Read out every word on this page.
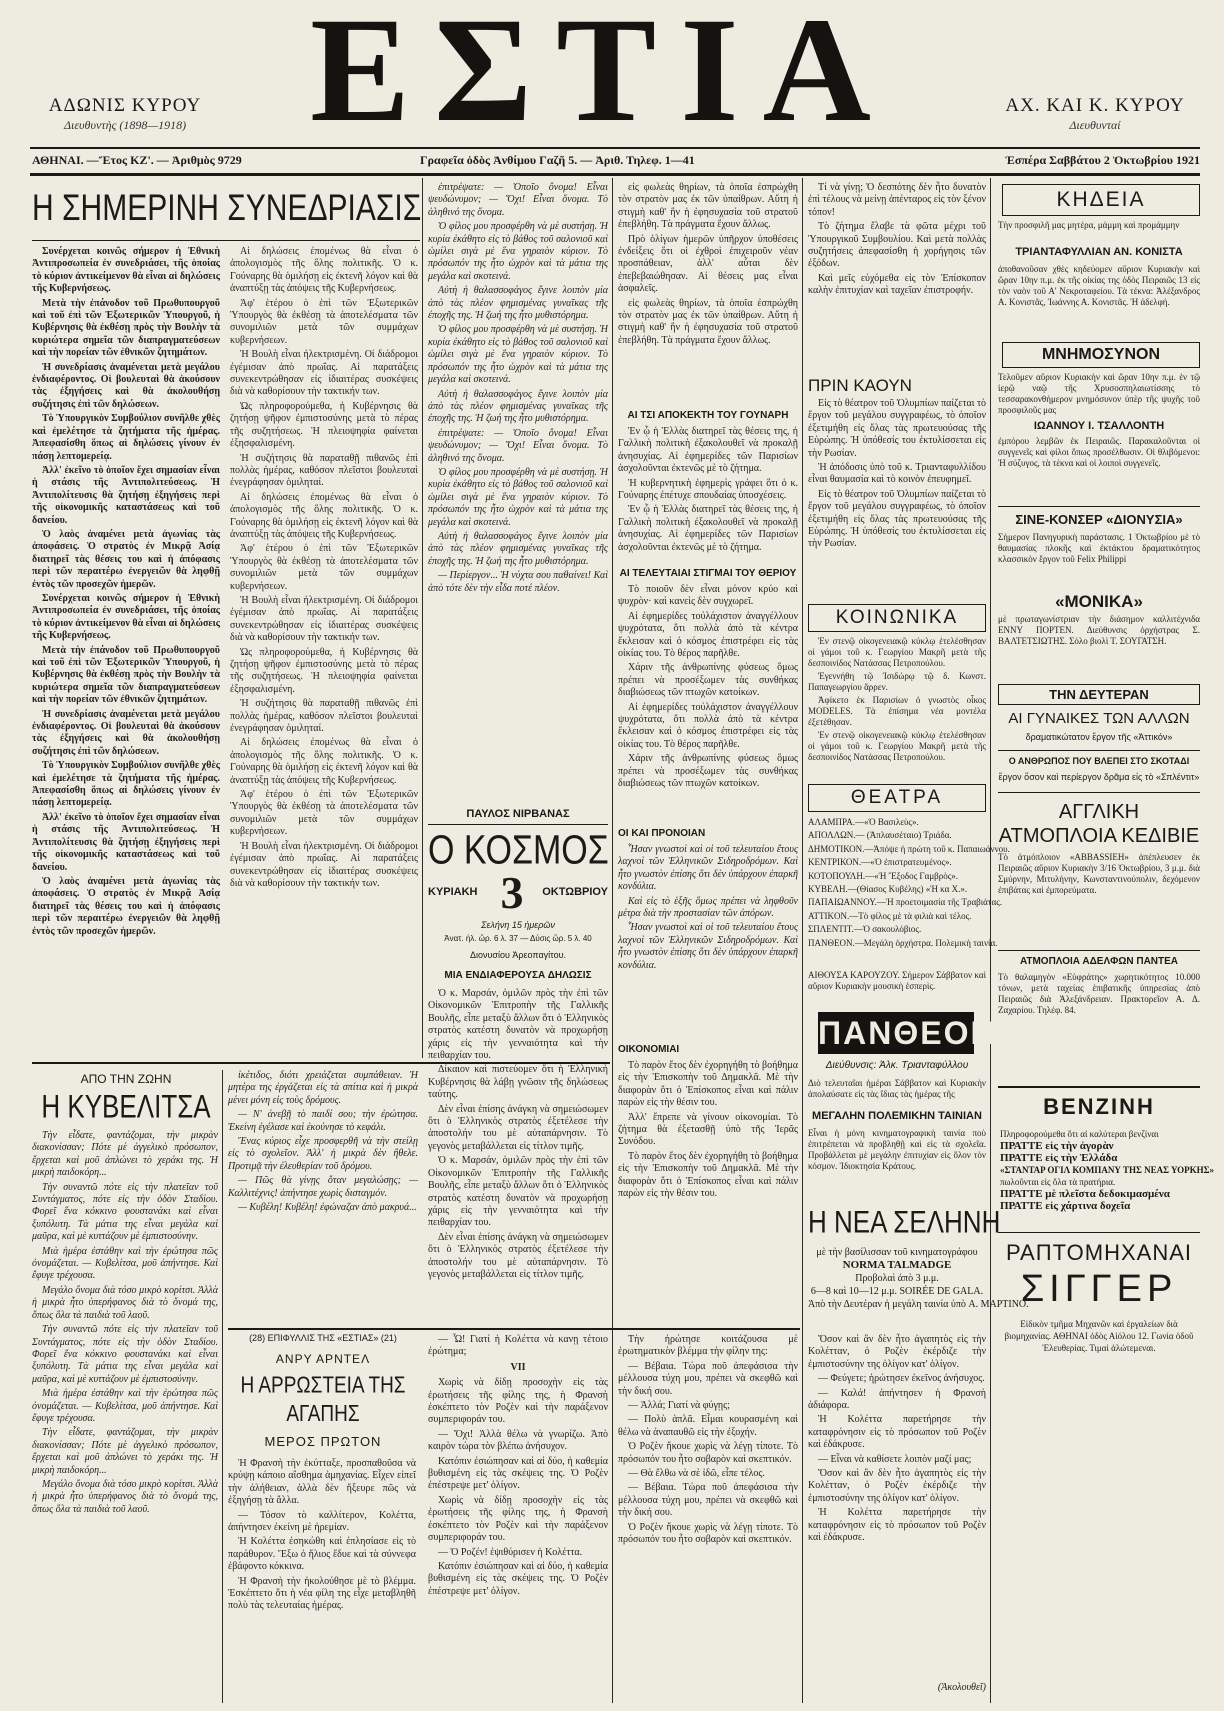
ΑΔΩΝΙΣ ΚΥΡΟΥ
Διευθυντὴς (1898—1918) ΕΣΤΙΑ	ΑΧ. ΚΑΙ Κ. ΚΥΡΟΥ
Διευθυνταί
ΑΘΗΝΑΙ. —Ἔτος ΚΖ'. — Ἀριθμὸς 9729	Γραφεῖα ὁδὸς Ἀνθίμου Γαζῆ 5. — Ἀριθ. Τηλεφ. 1—41	Ἑσπέρα Σαββάτου 2 Ὀκτωβρίου 1921
Η ΣΗΜΕΡΙΝΗ ΣΥΝΕΔΡΙΑΣΙΣ

Συνέρχεται κοινῶς σήμερον ἡ Ἐθνικὴ Ἀντιπροσωπεία ἐν συνεδριάσει, τῆς ὁποίας τὸ κύριον ἀντικείμενον θὰ εἶναι αἱ δηλώσεις τῆς Κυβερνήσεως.

Μετὰ τὴν ἐπάνοδον τοῦ Πρωθυπουργοῦ καὶ τοῦ ἐπὶ τῶν Ἐξωτερικῶν Ὑπουργοῦ, ἡ Κυβέρνησις θὰ ἐκθέσῃ πρὸς τὴν Βουλὴν τὰ κυριώτερα σημεῖα τῶν διαπραγματεύσεων καὶ τὴν πορείαν τῶν ἐθνικῶν ζητημάτων.

Ἡ συνεδρίασις ἀναμένεται μετὰ μεγάλου ἐνδιαφέροντος. Οἱ βουλευταὶ θὰ ἀκούσουν τὰς ἐξηγήσεις καὶ θὰ ἀκολουθήσῃ συζήτησις ἐπὶ τῶν δηλώσεων.

Τὸ Ὑπουργικὸν Συμβούλιον συνῆλθε χθὲς καὶ ἐμελέτησε τὰ ζητήματα τῆς ἡμέρας. Ἀπεφασίσθη ὅπως αἱ δηλώσεις γίνουν ἐν πάσῃ λεπτομερείᾳ.

Ἀλλ' ἐκεῖνο τὸ ὁποῖον ἔχει σημασίαν εἶναι ἡ στάσις τῆς Ἀντιπολιτεύσεως. Ἡ Ἀντιπολίτευσις θὰ ζητήσῃ ἐξηγήσεις περὶ τῆς οἰκονομικῆς καταστάσεως καὶ τοῦ δανείου.

Ὁ λαὸς ἀναμένει μετὰ ἀγωνίας τὰς ἀποφάσεις. Ὁ στρατὸς ἐν Μικρᾷ Ἀσίᾳ διατηρεῖ τὰς θέσεις του καὶ ἡ ἀπόφασις περὶ τῶν περαιτέρω ἐνεργειῶν θὰ ληφθῇ ἐντὸς τῶν προσεχῶν ἡμερῶν.

Συνέρχεται κοινῶς σήμερον ἡ Ἐθνικὴ Ἀντιπροσωπεία ἐν συνεδριάσει, τῆς ὁποίας τὸ κύριον ἀντικείμενον θὰ εἶναι αἱ δηλώσεις τῆς Κυβερνήσεως.

Μετὰ τὴν ἐπάνοδον τοῦ Πρωθυπουργοῦ καὶ τοῦ ἐπὶ τῶν Ἐξωτερικῶν Ὑπουργοῦ, ἡ Κυβέρνησις θὰ ἐκθέσῃ πρὸς τὴν Βουλὴν τὰ κυριώτερα σημεῖα τῶν διαπραγματεύσεων καὶ τὴν πορείαν τῶν ἐθνικῶν ζητημάτων.

Ἡ συνεδρίασις ἀναμένεται μετὰ μεγάλου ἐνδιαφέροντος. Οἱ βουλευταὶ θὰ ἀκούσουν τὰς ἐξηγήσεις καὶ θὰ ἀκολουθήσῃ συζήτησις ἐπὶ τῶν δηλώσεων.

Τὸ Ὑπουργικὸν Συμβούλιον συνῆλθε χθὲς καὶ ἐμελέτησε τὰ ζητήματα τῆς ἡμέρας. Ἀπεφασίσθη ὅπως αἱ δηλώσεις γίνουν ἐν πάσῃ λεπτομερείᾳ.

Ἀλλ' ἐκεῖνο τὸ ὁποῖον ἔχει σημασίαν εἶναι ἡ στάσις τῆς Ἀντιπολιτεύσεως. Ἡ Ἀντιπολίτευσις θὰ ζητήσῃ ἐξηγήσεις περὶ τῆς οἰκονομικῆς καταστάσεως καὶ τοῦ δανείου.

Ὁ λαὸς ἀναμένει μετὰ ἀγωνίας τὰς ἀποφάσεις. Ὁ στρατὸς ἐν Μικρᾷ Ἀσίᾳ διατηρεῖ τὰς θέσεις του καὶ ἡ ἀπόφασις περὶ τῶν περαιτέρω ἐνεργειῶν θὰ ληφθῇ ἐντὸς τῶν προσεχῶν ἡμερῶν.

Αἱ δηλώσεις ἐπομένως θὰ εἶναι ὁ ἀπολογισμὸς τῆς ὅλης πολιτικῆς. Ὁ κ. Γούναρης θὰ ὁμιλήσῃ εἰς ἐκτενῆ λόγον καὶ θὰ ἀναπτύξῃ τὰς ἀπόψεις τῆς Κυβερνήσεως.

Ἀφ' ἑτέρου ὁ ἐπὶ τῶν Ἐξωτερικῶν Ὑπουργὸς θὰ ἐκθέσῃ τὰ ἀποτελέσματα τῶν συνομιλιῶν μετὰ τῶν συμμάχων κυβερνήσεων.

Ἡ Βουλὴ εἶναι ἠλεκτρισμένη. Οἱ διάδρομοι ἐγέμισαν ἀπὸ πρωΐας. Αἱ παρατάξεις συνεκεντρώθησαν εἰς ἰδιαιτέρας συσκέψεις διὰ νὰ καθορίσουν τὴν τακτικήν των.

Ὡς πληροφορούμεθα, ἡ Κυβέρνησις θὰ ζητήσῃ ψῆφον ἐμπιστοσύνης μετὰ τὸ πέρας τῆς συζητήσεως. Ἡ πλειοψηφία φαίνεται ἐξησφαλισμένη.

Ἡ συζήτησις θὰ παραταθῇ πιθανῶς ἐπὶ πολλὰς ἡμέρας, καθόσον πλεῖστοι βουλευταὶ ἐνεγράφησαν ὁμιληταί.

Αἱ δηλώσεις ἐπομένως θὰ εἶναι ὁ ἀπολογισμὸς τῆς ὅλης πολιτικῆς. Ὁ κ. Γούναρης θὰ ὁμιλήσῃ εἰς ἐκτενῆ λόγον καὶ θὰ ἀναπτύξῃ τὰς ἀπόψεις τῆς Κυβερνήσεως.

Ἀφ' ἑτέρου ὁ ἐπὶ τῶν Ἐξωτερικῶν Ὑπουργὸς θὰ ἐκθέσῃ τὰ ἀποτελέσματα τῶν συνομιλιῶν μετὰ τῶν συμμάχων κυβερνήσεων.

Ἡ Βουλὴ εἶναι ἠλεκτρισμένη. Οἱ διάδρομοι ἐγέμισαν ἀπὸ πρωΐας. Αἱ παρατάξεις συνεκεντρώθησαν εἰς ἰδιαιτέρας συσκέψεις διὰ νὰ καθορίσουν τὴν τακτικήν των.

Ὡς πληροφορούμεθα, ἡ Κυβέρνησις θὰ ζητήσῃ ψῆφον ἐμπιστοσύνης μετὰ τὸ πέρας τῆς συζητήσεως. Ἡ πλειοψηφία φαίνεται ἐξησφαλισμένη.

Ἡ συζήτησις θὰ παραταθῇ πιθανῶς ἐπὶ πολλὰς ἡμέρας, καθόσον πλεῖστοι βουλευταὶ ἐνεγράφησαν ὁμιληταί.

Αἱ δηλώσεις ἐπομένως θὰ εἶναι ὁ ἀπολογισμὸς τῆς ὅλης πολιτικῆς. Ὁ κ. Γούναρης θὰ ὁμιλήσῃ εἰς ἐκτενῆ λόγον καὶ θὰ ἀναπτύξῃ τὰς ἀπόψεις τῆς Κυβερνήσεως.

Ἀφ' ἑτέρου ὁ ἐπὶ τῶν Ἐξωτερικῶν Ὑπουργὸς θὰ ἐκθέσῃ τὰ ἀποτελέσματα τῶν συνομιλιῶν μετὰ τῶν συμμάχων κυβερνήσεων.

Ἡ Βουλὴ εἶναι ἠλεκτρισμένη. Οἱ διάδρομοι ἐγέμισαν ἀπὸ πρωΐας. Αἱ παρατάξεις συνεκεντρώθησαν εἰς ἰδιαιτέρας συσκέψεις διὰ νὰ καθορίσουν τὴν τακτικήν των.

ἐπιτρέψατε: — Ὁποῖο ὄνομα! Εἶναι ψευδώνυμον; — Ὄχι! Εἶναι ὄνομα. Τὸ ἀληθινό της ὄνομα.

Ὁ φίλος μου προσφέρθη νὰ μὲ συστήσῃ. Ἡ κυρία ἐκάθητο εἰς τὸ βάθος τοῦ σαλονιοῦ καὶ ὡμίλει σιγὰ μὲ ἕνα γηραιὸν κύριον. Τὸ πρόσωπόν της ἦτο ὠχρὸν καὶ τὰ μάτια της μεγάλα καὶ σκοτεινά.

Αὐτὴ ἡ θαλασσοφάγος ἔγινε λοιπὸν μία ἀπὸ τὰς πλέον φημισμένας γυναῖκας τῆς ἐποχῆς της. Ἡ ζωή της ἦτο μυθιστόρημα.

Ὁ φίλος μου προσφέρθη νὰ μὲ συστήσῃ. Ἡ κυρία ἐκάθητο εἰς τὸ βάθος τοῦ σαλονιοῦ καὶ ὡμίλει σιγὰ μὲ ἕνα γηραιὸν κύριον. Τὸ πρόσωπόν της ἦτο ὠχρὸν καὶ τὰ μάτια της μεγάλα καὶ σκοτεινά.

Αὐτὴ ἡ θαλασσοφάγος ἔγινε λοιπὸν μία ἀπὸ τὰς πλέον φημισμένας γυναῖκας τῆς ἐποχῆς της. Ἡ ζωή της ἦτο μυθιστόρημα.

ἐπιτρέψατε: — Ὁποῖο ὄνομα! Εἶναι ψευδώνυμον; — Ὄχι! Εἶναι ὄνομα. Τὸ ἀληθινό της ὄνομα.

Ὁ φίλος μου προσφέρθη νὰ μὲ συστήσῃ. Ἡ κυρία ἐκάθητο εἰς τὸ βάθος τοῦ σαλονιοῦ καὶ ὡμίλει σιγὰ μὲ ἕνα γηραιὸν κύριον. Τὸ πρόσωπόν της ἦτο ὠχρὸν καὶ τὰ μάτια της μεγάλα καὶ σκοτεινά.

Αὐτὴ ἡ θαλασσοφάγος ἔγινε λοιπὸν μία ἀπὸ τὰς πλέον φημισμένας γυναῖκας τῆς ἐποχῆς της. Ἡ ζωή της ἦτο μυθιστόρημα.

— Περίεργον... Ἡ νύχτα σου παθαίνει! Καὶ ἀπὸ τότε δὲν τὴν εἶδα ποτέ πλέον.

ΠΑΥΛΟΣ ΝΙΡΒΑΝΑΣ
Ο ΚΟΣΜΟΣ
ΚΥΡΙΑΚΗ 3	ΟΚΤΩΒΡΙΟΥ
Σελήνη 15 ἡμερῶν
Ἀνατ. ἡλ. ὥρ. 6 λ. 37 — Δύσις ὥρ. 5 λ. 40
Διονυσίου Ἀρεοπαγίτου.
ΜΙΑ ΕΝΔΙΑΦΕΡΟΥΣΑ ΔΗΛΩΣΙΣ

Ὁ κ. Μαρσάν, ὁμιλῶν πρὸς τὴν ἐπὶ τῶν Οἰκονομικῶν Ἐπιτροπὴν τῆς Γαλλικῆς Βουλῆς, εἶπε μεταξὺ ἄλλων ὅτι ὁ Ἑλληνικὸς στρατὸς κατέστη δυνατὸν νὰ προχωρήσῃ χάρις εἰς τὴν γενναιότητα καὶ τὴν πειθαρχίαν του.

Δίκαιον καὶ πιστεύομεν ὅτι ἡ Ἑλληνικὴ Κυβέρνησις θὰ λάβῃ γνῶσιν τῆς δηλώσεως ταύτης.

Δὲν εἶναι ἐπίσης ἀνάγκη νὰ σημειώσωμεν ὅτι ὁ Ἑλληνικὸς στρατὸς ἐξετέλεσε τὴν ἀποστολήν του μὲ αὐταπάρνησιν. Τὸ γεγονὸς μεταβάλλεται εἰς τίτλον τιμῆς.

Ὁ κ. Μαρσάν, ὁμιλῶν πρὸς τὴν ἐπὶ τῶν Οἰκονομικῶν Ἐπιτροπὴν τῆς Γαλλικῆς Βουλῆς, εἶπε μεταξὺ ἄλλων ὅτι ὁ Ἑλληνικὸς στρατὸς κατέστη δυνατὸν νὰ προχωρήσῃ χάρις εἰς τὴν γενναιότητα καὶ τὴν πειθαρχίαν του.

Δὲν εἶναι ἐπίσης ἀνάγκη νὰ σημειώσωμεν ὅτι ὁ Ἑλληνικὸς στρατὸς ἐξετέλεσε τὴν ἀποστολήν του μὲ αὐταπάρνησιν. Τὸ γεγονὸς μεταβάλλεται εἰς τίτλον τιμῆς.

εἰς φωλεὰς θηρίων, τὰ ὁποῖα ἐσπρώχθη τὸν στρατὸν μας ἐκ τῶν ὑπαίθρων. Αὕτη ἡ στιγμὴ καθ' ἣν ἡ ἐφησυχασία τοῦ στρατοῦ ἐπεβλήθη. Τὰ πράγματα ἔχουν ἄλλως.

Πρὸ ὀλίγων ἡμερῶν ὑπῆρχον ὑποθέσεις ἐνδείξεις ὅτι οἱ ἐχθροὶ ἐπιχειροῦν νέαν προσπάθειαν, ἀλλ' αὗται δὲν ἐπεβεβαιώθησαν. Αἱ θέσεις μας εἶναι ἀσφαλεῖς.

εἰς φωλεὰς θηρίων, τὰ ὁποῖα ἐσπρώχθη τὸν στρατὸν μας ἐκ τῶν ὑπαίθρων. Αὕτη ἡ στιγμὴ καθ' ἣν ἡ ἐφησυχασία τοῦ στρατοῦ ἐπεβλήθη. Τὰ πράγματα ἔχουν ἄλλως.

ΑΙ ΤΣΙ ΑΠΟΚΕΚΤΗ ΤΟΥ ΓΟΥΝΑΡΗ

Ἐν ᾧ ἡ Ἑλλὰς διατηρεῖ τὰς θέσεις της, ἡ Γαλλικὴ πολιτικὴ ἐξακολουθεῖ νὰ προκαλῇ ἀνησυχίας. Αἱ ἐφημερίδες τῶν Παρισίων ἀσχολοῦνται ἐκτενῶς μὲ τὸ ζήτημα.

Ἡ κυβερνητικὴ ἐφημερὶς γράφει ὅτι ὁ κ. Γούναρης ἐπέτυχε σπουδαίας ὑποσχέσεις.

Ἐν ᾧ ἡ Ἑλλὰς διατηρεῖ τὰς θέσεις της, ἡ Γαλλικὴ πολιτικὴ ἐξακολουθεῖ νὰ προκαλῇ ἀνησυχίας. Αἱ ἐφημερίδες τῶν Παρισίων ἀσχολοῦνται ἐκτενῶς μὲ τὸ ζήτημα.

ΑΙ ΤΕΛΕΥΤΑΙΑΙ ΣΤΙΓΜΑΙ ΤΟΥ ΘΕΡΙΟΥ

Τὸ ποιοῦν δὲν εἶναι μόνον κρύο καὶ ψυχρὸν· καὶ κανεὶς δὲν συγχωρεῖ.

Αἱ ἐφημερίδες τούλάχιστον ἀναγγέλλουν ψυχρότατα, ὅτι πολλὰ ἀπὸ τὰ κέντρα ἔκλεισαν καὶ ὁ κόσμος ἐπιστρέφει εἰς τὰς οἰκίας του. Τὸ θέρος παρῆλθε.

Χάριν τῆς ἀνθρωπίνης φύσεως ὅμως πρέπει νὰ προσέξωμεν τὰς συνθήκας διαβιώσεως τῶν πτωχῶν κατοίκων.

Αἱ ἐφημερίδες τούλάχιστον ἀναγγέλλουν ψυχρότατα, ὅτι πολλὰ ἀπὸ τὰ κέντρα ἔκλεισαν καὶ ὁ κόσμος ἐπιστρέφει εἰς τὰς οἰκίας του. Τὸ θέρος παρῆλθε.

Χάριν τῆς ἀνθρωπίνης φύσεως ὅμως πρέπει νὰ προσέξωμεν τὰς συνθήκας διαβιώσεως τῶν πτωχῶν κατοίκων.

ΟΙ ΚΑΙ ΠΡΟΝΟΙΑΝ

Ἦσαν γνωστοὶ καὶ οἱ τοῦ τελευταίου ἔτους λαχνοὶ τῶν Ἑλληνικῶν Σιδηροδρόμων. Καὶ ἦτο γνωστὸν ἐπίσης ὅτι δὲν ὑπάρχουν ἐπαρκῆ κονδύλια.

Καὶ εἰς τὸ ἑξῆς ὅμως πρέπει νὰ ληφθοῦν μέτρα διὰ τὴν προστασίαν τῶν ἀπόρων.

Ἦσαν γνωστοὶ καὶ οἱ τοῦ τελευταίου ἔτους λαχνοὶ τῶν Ἑλληνικῶν Σιδηροδρόμων. Καὶ ἦτο γνωστὸν ἐπίσης ὅτι δὲν ὑπάρχουν ἐπαρκῆ κονδύλια.

ΟΙΚΟΝΟΜΙΑΙ

Τὸ παρὸν ἔτος δὲν ἐχορηγήθη τὸ βοήθημα εἰς τὴν Ἐπισκοπὴν τοῦ Δημακλᾶ. Μὲ τὴν διαφορὰν ὅτι ὁ Ἐπίσκοπος εἶναι καὶ πάλιν παρὼν εἰς τὴν θέσιν του.

Ἀλλ' ἔπρεπε νὰ γίνουν οἰκονομίαι. Τὸ ζήτημα θὰ ἐξετασθῇ ὑπὸ τῆς Ἱερᾶς Συνόδου.

Τὸ παρὸν ἔτος δὲν ἐχορηγήθη τὸ βοήθημα εἰς τὴν Ἐπισκοπὴν τοῦ Δημακλᾶ. Μὲ τὴν διαφορὰν ὅτι ὁ Ἐπίσκοπος εἶναι καὶ πάλιν παρὼν εἰς τὴν θέσιν του.

Τί νὰ γίνῃ; Ὁ δεσπότης δὲν ἦτο δυνατὸν ἐπὶ τέλους νὰ μείνῃ ἀπένταρος εἰς τὸν ξένον τόπον!

Τὸ ζήτημα ἔλαβε τὰ φῶτα μέχρι τοῦ Ὑπουργικοῦ Συμβουλίου. Καὶ μετὰ πολλὰς συζητήσεις ἀπεφασίσθη ἡ χορήγησις τῶν ἐξόδων.

Καὶ μεῖς εὐχόμεθα εἰς τὸν Ἐπίσκοπον καλὴν ἐπιτυχίαν καὶ ταχεῖαν ἐπιστροφήν.

ΠΡΙΝ ΚΑΟΥΝ

Εἰς τὸ θέατρον τοῦ Ὀλυμπίων παίζεται τὸ ἔργον τοῦ μεγάλου συγγραφέως, τὸ ὁποῖον ἐξετιμήθη εἰς ὅλας τὰς πρωτευούσας τῆς Εὐρώπης. Ἡ ὑπόθεσίς του ἐκτυλίσσεται εἰς τὴν Ρωσίαν.

Ἡ ἀπόδοσις ὑπὸ τοῦ κ. Τριανταφυλλίδου εἶναι θαυμασία καὶ τὸ κοινὸν ἐπευφημεῖ.

Εἰς τὸ θέατρον τοῦ Ὀλυμπίων παίζεται τὸ ἔργον τοῦ μεγάλου συγγραφέως, τὸ ὁποῖον ἐξετιμήθη εἰς ὅλας τὰς πρωτευούσας τῆς Εὐρώπης. Ἡ ὑπόθεσίς του ἐκτυλίσσεται εἰς τὴν Ρωσίαν.

ΚΟΙΝΩΝΙΚΑ

Ἐν στενῷ οἰκογενειακῷ κύκλῳ ἐτελέσθησαν οἱ γάμοι τοῦ κ. Γεωργίου Μακρῆ μετὰ τῆς δεσποινίδος Νατάσσας Πετροπούλου.

Ἐγεννήθη τῷ Ἰσιδώρῳ τῷ δ. Κωνστ. Παπαγεωργίου ἄρρεν.

Ἀφίκετο ἐκ Παρισίων ὁ γνωστὸς οἶκος MODELES. Τὰ ἐπίσημα νέα μοντέλα ἐξετέθησαν.

Ἐν στενῷ οἰκογενειακῷ κύκλῳ ἐτελέσθησαν οἱ γάμοι τοῦ κ. Γεωργίου Μακρῆ μετὰ τῆς δεσποινίδος Νατάσσας Πετροπούλου.

ΘΕΑΤΡΑ
ΑΛΑΜΠΡΑ.—«Ὁ Βασιλεὺς».
ΑΠΟΛΛΩΝ.— (Ἀπλαυσέταιο) Τριάδα.
ΔΗΜΟΤΙΚΟΝ.—Ἀπόψε ἡ πρώτη τοῦ κ. Παπαιωάννου.
ΚΕΝΤΡΙΚΟΝ.—«Ὁ ἐπιστρατευμένος».
ΚΟΤΟΠΟΥΛΗ.—«Ἡ Ἔξοδος Γαμβρὸς».
ΚΥΒΕΛΗ.—(Θίασος Κυβέλης) «Ἡ κα Χ.».
ΠΑΠΑΙΩΑΝΝΟΥ.—Ἡ προετοιμασία τῆς Τραβιάτας.
ATTIKON.—Τὸ φίλος μὲ τὰ φιλιὰ καὶ τέλος.
ΣΠΛΕΝΤΙΤ.—Ὁ σακουλόβιος.
ΠΑΝΘΕΟΝ.—Μεγάλη ὀρχήστρα. Πολεμικὴ ταινία.
ΑΙΘΟΥΣΑ ΚΑΡΟΥΖΟΥ. Σήμερον Σάββατον καὶ αὔριον Κυριακὴν μουσικὴ ἑσπερὶς.
ΠΑΝΘΕΟΝ
Διεύθυνσις: Ἀλκ. Τριανταφύλλου
Διὸ τελευταῖαι ἡμέραι Σάββατον καὶ Κυριακὴν ἀπολαύσατε εἰς τὰς ἴδιας τὰς ἡμέρας τῆς
ΜΕΓΑΛΗΝ ΠΟΛΕΜΙΚΗΝ ΤΑΙΝΙΑΝ
Εἶναι ἡ μόνη κινηματογραφικὴ ταινία ποὺ ἐπιτρέπεται νὰ προβληθῇ καὶ εἰς τὰ σχολεῖα. Προβάλλεται μὲ μεγάλην ἐπιτυχίαν εἰς ὅλον τὸν κόσμον. Ἰδιοκτησία Κράτους.
Η ΝΕΑ ΣΕΛΗΝΗ
μὲ τὴν βασίλισσαν τοῦ κινηματογράφου
NORMA TALMADGE
Προβολαὶ ἀπὸ 3 μ.μ.
6—8 καὶ 10—12 μ.μ. SOIRÉE DE GALA.
Ἀπὸ τὴν Δευτέραν ἡ μεγάλη ταινία ὑπὸ A. ΜΑΡΤΙΝΟ.
ΚΗΔΕΙΑ
Τὴν προσφιλῆ μας μητέρα, μάμμη καὶ προμάμμην
ΤΡΙΑΝΤΑΦΥΛΛΙΑΝ ΑΝ. ΚΟΝΙΣΤΑ
ἀποθανοῦσαν χθὲς κηδεύομεν αὔριον Κυριακὴν καὶ ὥραν 10ην π.μ. ἐκ τῆς οἰκίας της ὁδὸς Πειραιῶς 13 εἰς τὸν ναὸν τοῦ Α' Νεκροταφείου. Τὰ τέκνα: Ἀλέξανδρος Α. Κονιστᾶς, Ἰωάννης Α. Κονιστᾶς. Ἡ ἀδελφή.
ΜΝΗΜΟΣΥΝΟΝ
Τελοῦμεν αὔριον Κυριακὴν καὶ ὥραν 10ην π.μ. ἐν τῷ ἱερῷ ναῷ τῆς Χρυσοσπηλαιωτίσσης τὸ τεσσαρακονθήμερον μνημόσυνον ὑπὲρ τῆς ψυχῆς τοῦ προσφιλοῦς μας
ΙΩΑΝΝΟΥ Ι. ΤΣΑΛΛΟΝΤΗ
ἐμπόρου λεμβῶν ἐκ Πειραιῶς. Παρακαλοῦνται οἱ συγγενεῖς καὶ φίλοι ὅπως προσέλθωσιν. Οἱ θλιβόμενοι: Ἡ σύζυγος, τὰ τέκνα καὶ οἱ λοιποὶ συγγενεῖς.
ΣΙΝΕ-ΚΟΝΣΕΡ «ΔΙΟΝΥΣΙΑ»
Σήμερον Πανηγυρικὴ παράστασις. 1 Ὀκτωβρίου μὲ τὸ θαυμασίας πλοκῆς καὶ ἐκτάκτου δραματικότητος κλασσικὸν ἔργον τοῦ Felix Philippi
«ΜΟΝΙΚΑ»
μὲ πρωταγωνίστριαν τὴν διάσημον καλλιτέχνιδα ΕΝΝΥ ΠΟΡΤΕΝ. Διεύθυνσις ὀρχήστρας Σ. ΒΑΛΤΕΤΣΙΩΤΗΣ. Σόλο βιολὶ Τ. ΣΟΥΓΑΤΣΗ.
ΤΗΝ ΔΕΥΤΕΡΑΝ
ΑΙ ΓΥΝΑΙΚΕΣ ΤΩΝ ΑΛΛΩΝ
δραματικώτατον ἔργον τῆς «Ἀττικόν»
Ο ΑΝΘΡΩΠΟΣ ΠΟΥ ΒΛΕΠΕΙ ΣΤΟ ΣΚΟΤΑΔΙ
ἔργον ὅσον καὶ περίεργον δρᾶμα εἰς τὸ «Σπλέντιτ»
ΑΓΓΛΙΚΗ ΑΤΜΟΠΛΟΙΑ ΚΕΔΙΒΙΕ
Τὸ ἀτμόπλοιον «ABBASSIEH» ἀπέπλευσεν ἐκ Πειραιῶς αὔριον Κυριακὴν 3/16 Ὀκτωβρίου, 3 μ.μ. διὰ Σμύρνην, Μιτυλήνην, Κωνσταντινούπολιν, δεχόμενον ἐπιβάτας καὶ ἐμπορεύματα.
ΑΤΜΟΠΛΟΙΑ ΑΔΕΛΦΩΝ ΠΑΝΤΕΑ
Τὸ θαλαμηγὸν «Εὐφράτης» χωρητικότητος 10.000 τόνων, μετὰ ταχείας ἐπιβατικῆς ὑπηρεσίας ἀπὸ Πειραιῶς διὰ Ἀλεξάνδρειαν. Πρακτορεῖον Α. Δ. Ζαχαρίου. Τηλέφ. 84.
ΒΕΝΖΙΝΗ
Πληροφορούμεθα ὅτι αἱ καλύτεραι βενζίναι
ΠΡΑΤΤΕ εἰς τὴν ἀγορὰν
ΠΡΑΤΤΕ εἰς τὴν Ἑλλάδα
«ΣΤΑΝΤΑΡ ΟΓΙΛ ΚΟΜΠΑΝΥ ΤΗΣ ΝΕΑΣ ΥΟΡΚΗΣ»
πωλοῦνται εἰς ὅλα τὰ πρατήρια.
ΠΡΑΤΤΕ μὲ πλεῖστα δεδοκιμασμένα
ΠΡΑΤΤΕ εἰς χάρτινα δοχεῖα
ΡΑΠΤΟΜΗΧΑΝΑΙ
ΣΙΓΓΕΡ
Εἰδικὸν τμῆμα Μηχανῶν καὶ ἐργαλείων διὰ βιομηχανίας. ΑΘΗΝΑΙ ὁδὸς Αἰόλου 12. Γωνία ὁδοῦ Ἐλευθερίας. Τιμαὶ ἀλώτεμεναι.
ΑΠΟ ΤΗΝ ΖΩΗΝ
Η ΚΥΒΕΛΙΤΣΑ

Τὴν εἶδατε, φαντάζομαι, τὴν μικρὰν διακονίσσαν; Πότε μὲ ἀγγελικὸ πρόσωπον, ἔρχεται καὶ μοῦ ἀπλώνει τὸ χεράκι της. Ἡ μικρὴ παιδοκόρη...

Τὴν συναντῶ πότε εἰς τὴν πλατεῖαν τοῦ Συντάγματος, πότε εἰς τὴν ὁδὸν Σταδίου. Φορεῖ ἕνα κόκκινο φουστανάκι καὶ εἶναι ξυπόλυτη. Τὰ μάτια της εἶναι μεγάλα καὶ μαῦρα, καὶ μὲ κυττάζουν μὲ ἐμπιστοσύνην.

Μιὰ ἡμέρα ἐστάθην καὶ τὴν ἐρώτησα πῶς ὀνομάζεται. — Κυβελίτσα, μοῦ ἀπήντησε. Καὶ ἔφυγε τρέχουσα.

Μεγάλο ὄνομα διὰ τόσο μικρὸ κορίτσι. Ἀλλὰ ἡ μικρὰ ἦτο ὑπερήφανος διὰ τὸ ὄνομά της, ὅπως ὅλα τὰ παιδιὰ τοῦ λαοῦ.

Τὴν συναντῶ πότε εἰς τὴν πλατεῖαν τοῦ Συντάγματος, πότε εἰς τὴν ὁδὸν Σταδίου. Φορεῖ ἕνα κόκκινο φουστανάκι καὶ εἶναι ξυπόλυτη. Τὰ μάτια της εἶναι μεγάλα καὶ μαῦρα, καὶ μὲ κυττάζουν μὲ ἐμπιστοσύνην.

Μιὰ ἡμέρα ἐστάθην καὶ τὴν ἐρώτησα πῶς ὀνομάζεται. — Κυβελίτσα, μοῦ ἀπήντησε. Καὶ ἔφυγε τρέχουσα.

Τὴν εἶδατε, φαντάζομαι, τὴν μικρὰν διακονίσσαν; Πότε μὲ ἀγγελικὸ πρόσωπον, ἔρχεται καὶ μοῦ ἀπλώνει τὸ χεράκι της. Ἡ μικρὴ παιδοκόρη...

Μεγάλο ὄνομα διὰ τόσο μικρὸ κορίτσι. Ἀλλὰ ἡ μικρὰ ἦτο ὑπερήφανος διὰ τὸ ὄνομά της, ὅπως ὅλα τὰ παιδιὰ τοῦ λαοῦ.

ἰκέτιδος, διότι χρειάζεται συμπάθειαν. Ἡ μητέρα της ἐργάζεται εἰς τὰ σπίτια καὶ ἡ μικρὰ μένει μόνη εἰς τοὺς δρόμους.

— Ν' ἀνεβῇ τὸ παιδί σου; τὴν ἐρώτησα. Ἐκείνη ἐγέλασε καὶ ἐκούνησε τὸ κεφάλι.

Ἕνας κύριος εἶχε προσφερθῆ νὰ τὴν στείλῃ εἰς τὸ σχολεῖον. Ἀλλ' ἡ μικρὰ δὲν ἤθελε. Προτιμᾷ τὴν ἐλευθερίαν τοῦ δρόμου.

— Πῶς θὰ γίνῃς ὅταν μεγαλώσῃς; — Καλλιτέχνις! ἀπήντησε χωρὶς δισταγμόν.

— Κυβέλη! Κυβέλη! ἐφώναζαν ἀπὸ μακρυά...

(28) ΕΠΙΦΥΛΛΙΣ ΤΗΣ «ΕΣΤΙΑΣ» (21)
ΑΝΡΥ ΑΡΝΤΕΛ
Η ΑΡΡΩΣΤΕΙΑ ΤΗΣ ΑΓΑΠΗΣ
ΜΕΡΟΣ ΠΡΩΤΟΝ

Ἡ Φρανσὴ τὴν ἐκύτταξε, προσπαθοῦσα νὰ κρύψῃ κάποιο αἴσθημα ἀμηχανίας. Εἶχεν εἰπεῖ τὴν ἀλήθειαν, ἀλλὰ δὲν ἤξευρε πῶς νὰ ἐξηγήσῃ τὰ ἄλλα.

— Τόσον τὸ καλλίτερον, Κολέττα, ἀπήντησεν ἐκείνη μὲ ἠρεμίαν.

Ἡ Κολέττα ἐσηκώθη καὶ ἐπλησίασε εἰς τὸ παράθυρον. Ἔξω ὁ ἥλιος ἔδυε καὶ τὰ σύννεφα ἐβάφοντο κόκκινα.

Ἡ Φρανσὴ τὴν ἠκολούθησε μὲ τὸ βλέμμα. Ἐσκέπτετο ὅτι ἡ νέα φίλη της εἶχε μεταβληθῆ πολὺ τὰς τελευταίας ἡμέρας.

— Ὦ! Γιατί ἡ Κολέττα νὰ κανῃ τέτοιο ἐρώτημα;

VII

Χωρὶς νὰ δίδῃ προσοχὴν εἰς τὰς ἐρωτήσεις τῆς φίλης της, ἡ Φρανσὴ ἐσκέπτετο τὸν Ροζὲν καὶ τὴν παράξενον συμπεριφοράν του.

— Ὄχι! Ἀλλὰ θέλω νὰ γνωρίζω. Ἀπὸ καιρὸν τώρα τὸν βλέπω ἀνήσυχον.

Κατόπιν ἐσιώπησαν καὶ αἱ δύο, ἡ καθεμία βυθισμένη εἰς τὰς σκέψεις της. Ὁ Ροζὲν ἐπέστρεψε μετ' ὀλίγον.

Χωρὶς νὰ δίδῃ προσοχὴν εἰς τὰς ἐρωτήσεις τῆς φίλης της, ἡ Φρανσὴ ἐσκέπτετο τὸν Ροζὲν καὶ τὴν παράξενον συμπεριφοράν του.

— Ὁ Ροζέν! ἐψιθύρισεν ἡ Κολέττα.

Κατόπιν ἐσιώπησαν καὶ αἱ δύο, ἡ καθεμία βυθισμένη εἰς τὰς σκέψεις της. Ὁ Ροζὲν ἐπέστρεψε μετ' ὀλίγον.

Τὴν ἠρώτησε κοιτάζουσα μὲ ἐρωτηματικὸν βλέμμα τὴν φίλην της:

— Βέβαια. Τώρα ποῦ ἀπεφάσισα τὴν μέλλουσα τύχη μου, πρέπει νὰ σκεφθῶ καὶ τὴν δική σου.

— Ἀλλά; Γιατί νὰ φύγῃς;

— Πολὺ ἁπλᾶ. Εἶμαι κουρασμένη καὶ θέλω νὰ ἀναπαυθῶ εἰς τὴν ἐξοχήν.

Ὁ Ροζὲν ἤκουε χωρὶς νὰ λέγῃ τίποτε. Τὸ πρόσωπόν του ἦτο σοβαρὸν καὶ σκεπτικόν.

— Θὰ ἔλθω νὰ σὲ ἰδῶ, εἶπε τέλος.

— Βέβαια. Τώρα ποῦ ἀπεφάσισα τὴν μέλλουσα τύχη μου, πρέπει νὰ σκεφθῶ καὶ τὴν δική σου.

Ὁ Ροζὲν ἤκουε χωρὶς νὰ λέγῃ τίποτε. Τὸ πρόσωπόν του ἦτο σοβαρὸν καὶ σκεπτικόν.

Ὅσον καὶ ἂν δὲν ἦτο ἀγαπητὸς εἰς τὴν Κολέτταν, ὁ Ροζὲν ἐκέρδιζε τὴν ἐμπιστοσύνην της ὀλίγον κατ' ὀλίγον.

— Φεύγετε; ἠρώτησεν ἐκεῖνος ἀνήσυχος.

— Καλά! ἀπήντησεν ἡ Φρανσὴ ἀδιάφορα.

Ἡ Κολέττα παρετήρησε τὴν καταφρόνησιν εἰς τὸ πρόσωπον τοῦ Ροζὲν καὶ ἐδάκρυσε.

— Εἶναι νὰ καθίσετε λοιπὸν μαζί μας;

Ὅσον καὶ ἂν δὲν ἦτο ἀγαπητὸς εἰς τὴν Κολέτταν, ὁ Ροζὲν ἐκέρδιζε τὴν ἐμπιστοσύνην της ὀλίγον κατ' ὀλίγον.

Ἡ Κολέττα παρετήρησε τὴν καταφρόνησιν εἰς τὸ πρόσωπον τοῦ Ροζὲν καὶ ἐδάκρυσε.

(Ἀκολουθεῖ)
